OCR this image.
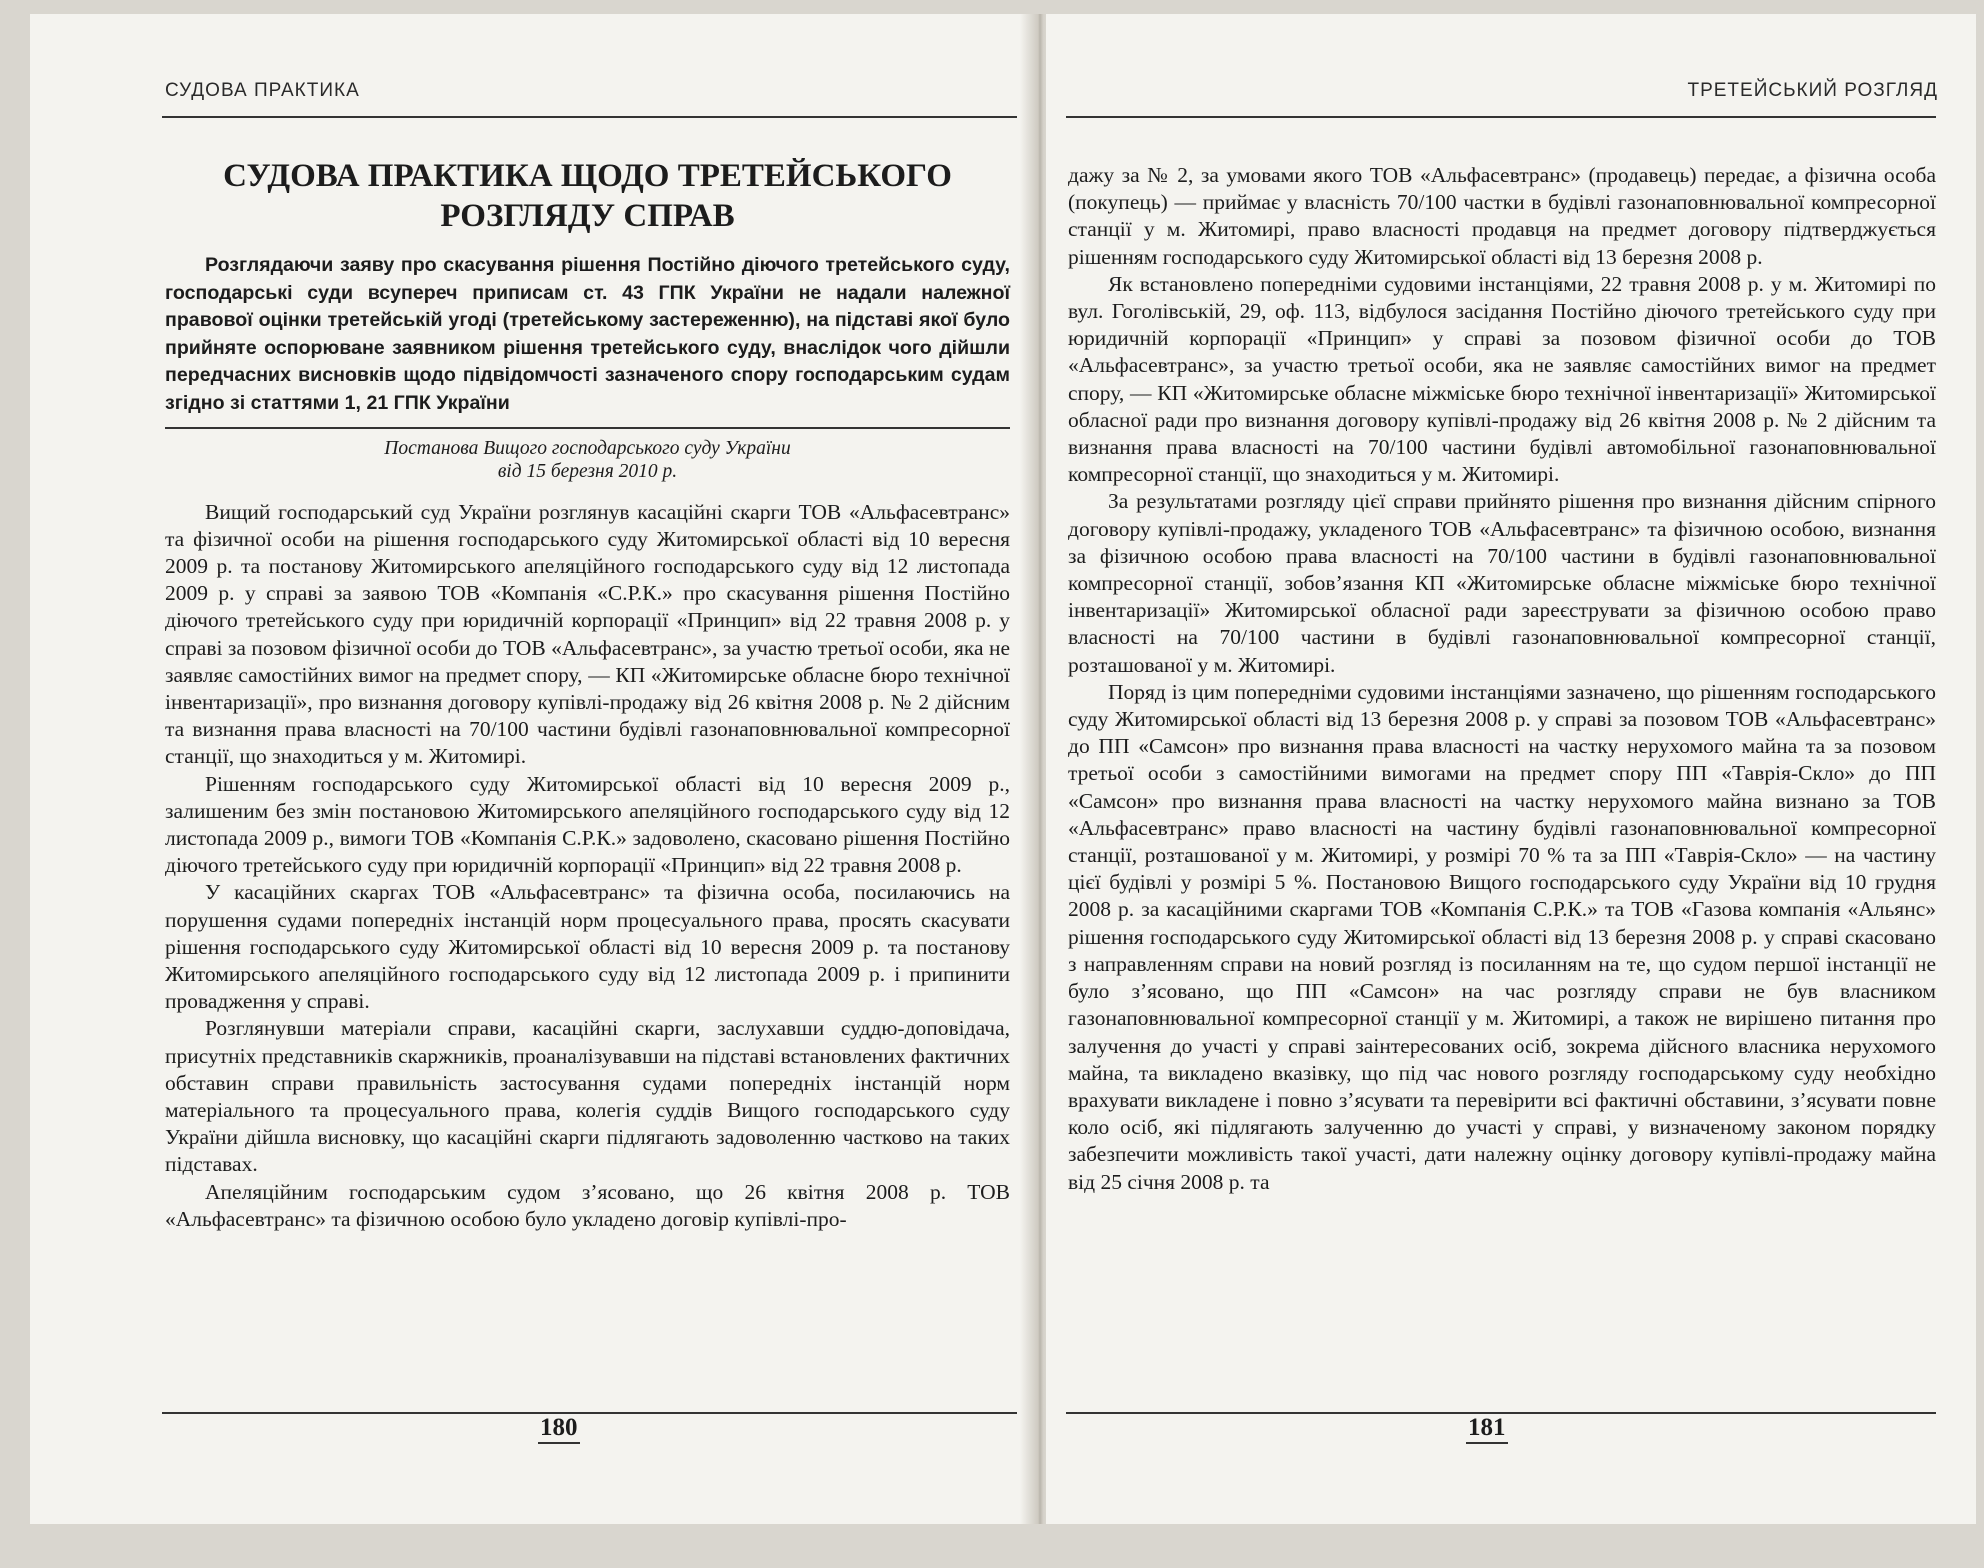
СУДОВА ПРАКТИКА
СУДОВА ПРАКТИКА ЩОДО ТРЕТЕЙСЬКОГО
РОЗГЛЯДУ СПРАВ

Розглядаючи заяву про скасування рішення Постійно діючого третейського суду, господарські суди всупереч приписам ст. 43 ГПК України не надали належної правової оцінки третейській угоді (третейському застереженню), на підставі якої було прийняте оспорюване заявником рішення третейського суду, внаслідок чого дійшли передчасних висновків щодо підвідомчості зазначеного спору господарським судам згідно зі статтями 1, 21 ГПК України

Постанова Вищого господарського суду України
від 15 березня 2010 р.

Вищий господарський суд України розглянув касаційні скарги ТОВ «Альфасевтранс» та фізичної особи на рішення господарського суду Житомирської області від 10 вересня 2009 р. та постанову Житомирського апеляційного господарського суду від 12 листопада 2009 р. у справі за заявою ТОВ «Компанія «С.Р.К.» про скасування рішення Постійно діючого третейського суду при юридичній корпорації «Принцип» від 22 травня 2008 р. у справі за позовом фізичної особи до ТОВ «Альфасевтранс», за участю третьої особи, яка не заявляє самостійних вимог на предмет спору, — КП «Житомирське обласне бюро технічної інвентаризації», про визнання договору купівлі-продажу від 26 квітня 2008 р. № 2 дійсним та визнання права власності на 70/100 частини будівлі газонаповнювальної компресорної станції, що знаходиться у м. Житомирі.

Рішенням господарського суду Житомирської області від 10 вересня 2009 р., залишеним без змін постановою Житомирського апеляційного господарського суду від 12 листопада 2009 р., вимоги ТОВ «Компанія С.Р.К.» задоволено, скасовано рішення Постійно діючого третейського суду при юридичній корпорації «Принцип» від 22 травня 2008 р.

У касаційних скаргах ТОВ «Альфасевтранс» та фізична особа, посилаючись на порушення судами попередніх інстанцій норм процесуального права, просять скасувати рішення господарського суду Житомирської області від 10 вересня 2009 р. та постанову Житомирського апеляційного господарського суду від 12 листопада 2009 р. і припинити провадження у справі.

Розглянувши матеріали справи, касаційні скарги, заслухавши суддю-доповідача, присутніх представників скаржників, проаналізувавши на підставі встановлених фактичних обставин справи правильність застосування судами попередніх інстанцій норм матеріального та процесуального права, колегія суддів Вищого господарського суду України дійшла висновку, що касаційні скарги підлягають задоволенню частково на таких підставах.

Апеляційним господарським судом з’ясовано, що 26 квітня 2008 р. ТОВ «Альфасевтранс» та фізичною особою було укладено договір купівлі-про-

180
ТРЕТЕЙСЬКИЙ РОЗГЛЯД

дажу за № 2, за умовами якого ТОВ «Альфасевтранс» (продавець) передає, а фізична особа (покупець) — приймає у власність 70/100 частки в будівлі газонаповнювальної компресорної станції у м. Житомирі, право власності продавця на предмет договору підтверджується рішенням господарського суду Житомирської області від 13 березня 2008 р.

Як встановлено попередніми судовими інстанціями, 22 травня 2008 р. у м. Житомирі по вул. Гоголівській, 29, оф. 113, відбулося засідання Постійно діючого третейського суду при юридичній корпорації «Принцип» у справі за позовом фізичної особи до ТОВ «Альфасевтранс», за участю третьої особи, яка не заявляє самостійних вимог на предмет спору, — КП «Житомирське обласне міжміське бюро технічної інвентаризації» Житомирської обласної ради про визнання договору купівлі-продажу від 26 квітня 2008 р. № 2 дійсним та визнання права власності на 70/100 частини будівлі автомобільної газонаповнювальної компресорної станції, що знаходиться у м. Житомирі.

За результатами розгляду цієї справи прийнято рішення про визнання дійсним спірного договору купівлі-продажу, укладеного ТОВ «Альфасевтранс» та фізичною особою, визнання за фізичною особою права власності на 70/100 частини в будівлі газонаповнювальної компресорної станції, зобов’язання КП «Житомирське обласне міжміське бюро технічної інвентаризації» Житомирської обласної ради зареєструвати за фізичною особою право власності на 70/100 частини в будівлі газонаповнювальної компресорної станції, розташованої у м. Житомирі.

Поряд із цим попередніми судовими інстанціями зазначено, що рішенням господарського суду Житомирської області від 13 березня 2008 р. у справі за позовом ТОВ «Альфасевтранс» до ПП «Самсон» про визнання права власності на частку нерухомого майна та за позовом третьої особи з самостійними вимогами на предмет спору ПП «Таврія-Скло» до ПП «Самсон» про визнання права власності на частку нерухомого майна визнано за ТОВ «Альфасевтранс» право власності на частину будівлі газонаповнювальної компресорної станції, розташованої у м. Житомирі, у розмірі 70 % та за ПП «Таврія-Скло» — на частину цієї будівлі у розмірі 5 %. Постановою Вищого господарського суду України від 10 грудня 2008 р. за касаційними скаргами ТОВ «Компанія С.Р.К.» та ТОВ «Газова компанія «Альянс» рішення господарського суду Житомирської області від 13 березня 2008 р. у справі скасовано з направленням справи на новий розгляд із посиланням на те, що судом першої інстанції не було з’ясовано, що ПП «Самсон» на час розгляду справи не був власником газонаповнювальної компресорної станції у м. Житомирі, а також не вирішено питання про залучення до участі у справі заінтересованих осіб, зокрема дійсного власника нерухомого майна, та викладено вказівку, що під час нового розгляду господарському суду необхідно врахувати викладене і повно з’ясувати та перевірити всі фактичні обставини, з’ясувати повне коло осіб, які підлягають залученню до участі у справі, у визначеному законом порядку забезпечити можливість такої участі, дати належну оцінку договору купівлі-продажу майна від 25 січня 2008 р. та

181
